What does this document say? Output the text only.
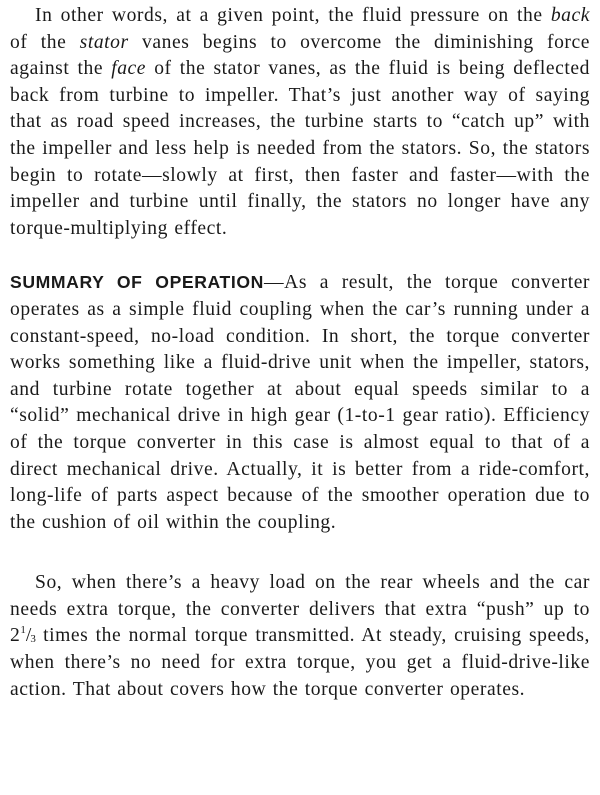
In other words, at a given point, the fluid pressure on the back of the stator vanes begins to overcome the diminishing force against the face of the stator vanes, as the fluid is being deflected back from turbine to impeller. That’s just another way of saying that as road speed increases, the turbine starts to “catch up” with the impeller and less help is needed from the stators. So, the stators begin to rotate—slowly at first, then faster and faster—with the impeller and turbine until finally, the stators no longer have any torque-multiplying effect.

SUMMARY OF OPERATION—As a result, the torque converter operates as a simple fluid coupling when the car’s running under a constant-speed, no-load condition. In short, the torque converter works something like a fluid-drive unit when the impeller, stators, and turbine rotate together at about equal speeds similar to a “solid” mechanical drive in high gear (1-to-1 gear ratio). Efficiency of the torque converter in this case is almost equal to that of a direct mechanical drive. Actually, it is better from a ride-comfort, long-life of parts aspect because of the smoother operation due to the cushion of oil within the coupling.

So, when there’s a heavy load on the rear wheels and the car needs extra torque, the converter delivers that extra “push” up to $2^1/_3$ times the normal torque transmitted. At steady, cruising speeds, when there’s no need for extra torque, you get a fluid-drive-like action. That about covers how the torque converter operates.
